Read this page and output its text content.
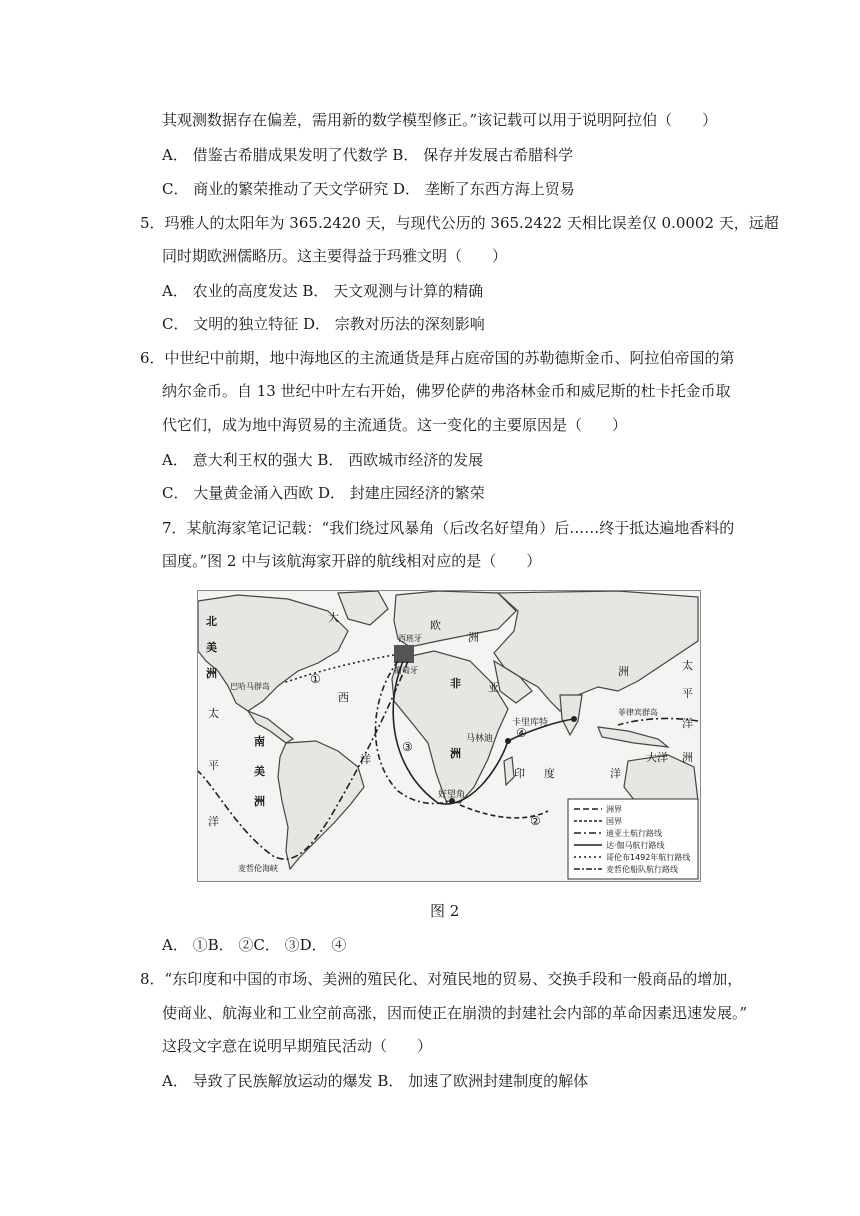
其观测数据存在偏差，需用新的数学模型修正。”该记载可以用于说明阿拉伯（　　）
A． 借鉴古希腊成果发明了代数学 B． 保存并发展古希腊科学
C． 商业的繁荣推动了天文学研究 D． 垄断了东西方海上贸易
5．玛雅人的太阳年为 365.2420 天，与现代公历的 365.2422 天相比误差仅 0.0002 天，远超
同时期欧洲儒略历。这主要得益于玛雅文明（　　）
A． 农业的高度发达 B． 天文观测与计算的精确
C． 文明的独立特征 D． 宗教对历法的深刻影响
6．中世纪中前期，地中海地区的主流通货是拜占庭帝国的苏勒德斯金币、阿拉伯帝国的第
纳尔金币。自 13 世纪中叶左右开始，佛罗伦萨的弗洛林金币和威尼斯的杜卡托金币取
代它们，成为地中海贸易的主流通货。这一变化的主要原因是（　　）
A． 意大利王权的强大 B． 西欧城市经济的发展
C． 大量黄金涌入西欧 D． 封建庄园经济的繁荣
7．某航海家笔记记载：“我们绕过风暴角（后改名好望角）后……终于抵达遍地香料的
国度。”图 2 中与该航海家开辟的航线相对应的是（　　）
北
美
洲
太
平
洋
大
西
洋
南
美
洲
欧
洲
亚
洲
非
洲
印 度	洋
太
平
洋
大洋 洲
西班牙
葡萄牙
巴哈马群岛
卡里库特
马林迪
好望角
菲律宾群岛
麦哲伦海峡
①
②
③
④
洲界
国界
迪亚士航行路线
达·伽马航行路线
哥伦布1492年航行路线
麦哲伦船队航行路线
图 2
A． ①B． ②C． ③D． ④
8．“东印度和中国的市场、美洲的殖民化、对殖民地的贸易、交换手段和一般商品的增加，
使商业、航海业和工业空前高涨，因而使正在崩溃的封建社会内部的革命因素迅速发展。”
这段文字意在说明早期殖民活动（　　）
A． 导致了民族解放运动的爆发 B． 加速了欧洲封建制度的解体
